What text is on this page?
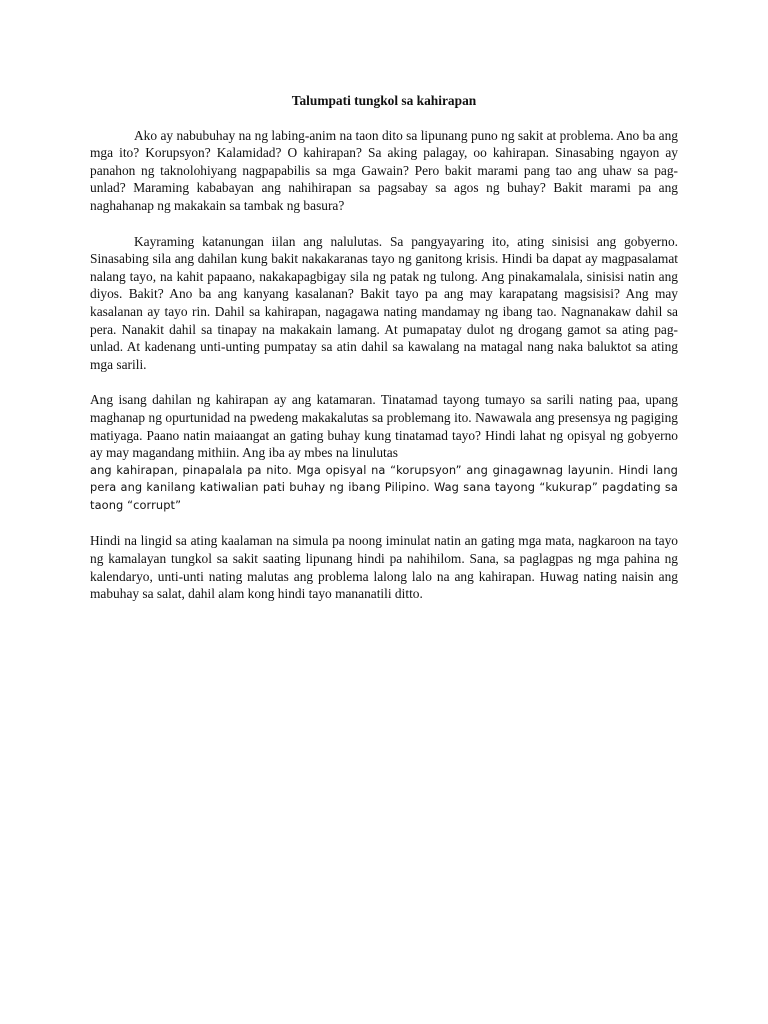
Talumpati tungkol sa kahirapan

Ako ay nabubuhay na ng labing-anim na taon dito sa lipunang puno ng sakit at problema. Ano ba ang mga ito? Korupsyon? Kalamidad? O kahirapan? Sa aking palagay, oo kahirapan. Sinasabing ngayon ay panahon ng taknolohiyang nagpapabilis sa mga Gawain? Pero bakit marami pang tao ang uhaw sa pag-unlad? Maraming kababayan ang nahihirapan sa pagsabay sa agos ng buhay? Bakit marami pa ang naghahanap ng makakain sa tambak ng basura?

Kayraming katanungan iilan ang nalulutas. Sa pangyayaring ito, ating sinisisi ang gobyerno. Sinasabing sila ang dahilan kung bakit nakakaranas tayo ng ganitong krisis. Hindi ba dapat ay magpasalamat nalang tayo, na kahit papaano, nakakapagbigay sila ng patak ng tulong. Ang pinakamalala, sinisisi natin ang diyos. Bakit? Ano ba ang kanyang kasalanan? Bakit tayo pa ang may karapatang magsisisi? Ang may kasalanan ay tayo rin. Dahil sa kahirapan, nagagawa nating mandamay ng ibang tao. Nagnanakaw dahil sa pera. Nanakit dahil sa tinapay na makakain lamang. At pumapatay dulot ng drogang gamot sa ating pag-unlad. At kadenang unti-unting pumpatay sa atin dahil sa kawalang na matagal nang naka baluktot sa ating mga sarili.

Ang isang dahilan ng kahirapan ay ang katamaran. Tinatamad tayong tumayo sa sarili nating paa, upang maghanap ng opurtunidad na pwedeng makakalutas sa problemang ito. Nawawala ang presensya ng pagiging matiyaga. Paano natin maiaangat an gating buhay kung tinatamad tayo? Hindi lahat ng opisyal ng gobyerno ay may magandang mithiin. Ang iba ay mbes na linulutas
ang kahirapan, pinapalala pa nito. Mga opisyal na “korupsyon” ang ginagawnag layunin. Hindi lang pera ang kanilang katiwalian pati buhay ng ibang Pilipino. Wag sana tayong “kukurap” pagdating sa taong “corrupt”

Hindi na lingid sa ating kaalaman na simula pa noong iminulat natin an gating mga mata, nagkaroon na tayo ng kamalayan tungkol sa sakit saating lipunang hindi pa nahihilom. Sana, sa paglagpas ng mga pahina ng kalendaryo, unti-unti nating malutas ang problema lalong lalo na ang kahirapan. Huwag nating naisin ang mabuhay sa salat, dahil alam kong hindi tayo mananatili ditto.
